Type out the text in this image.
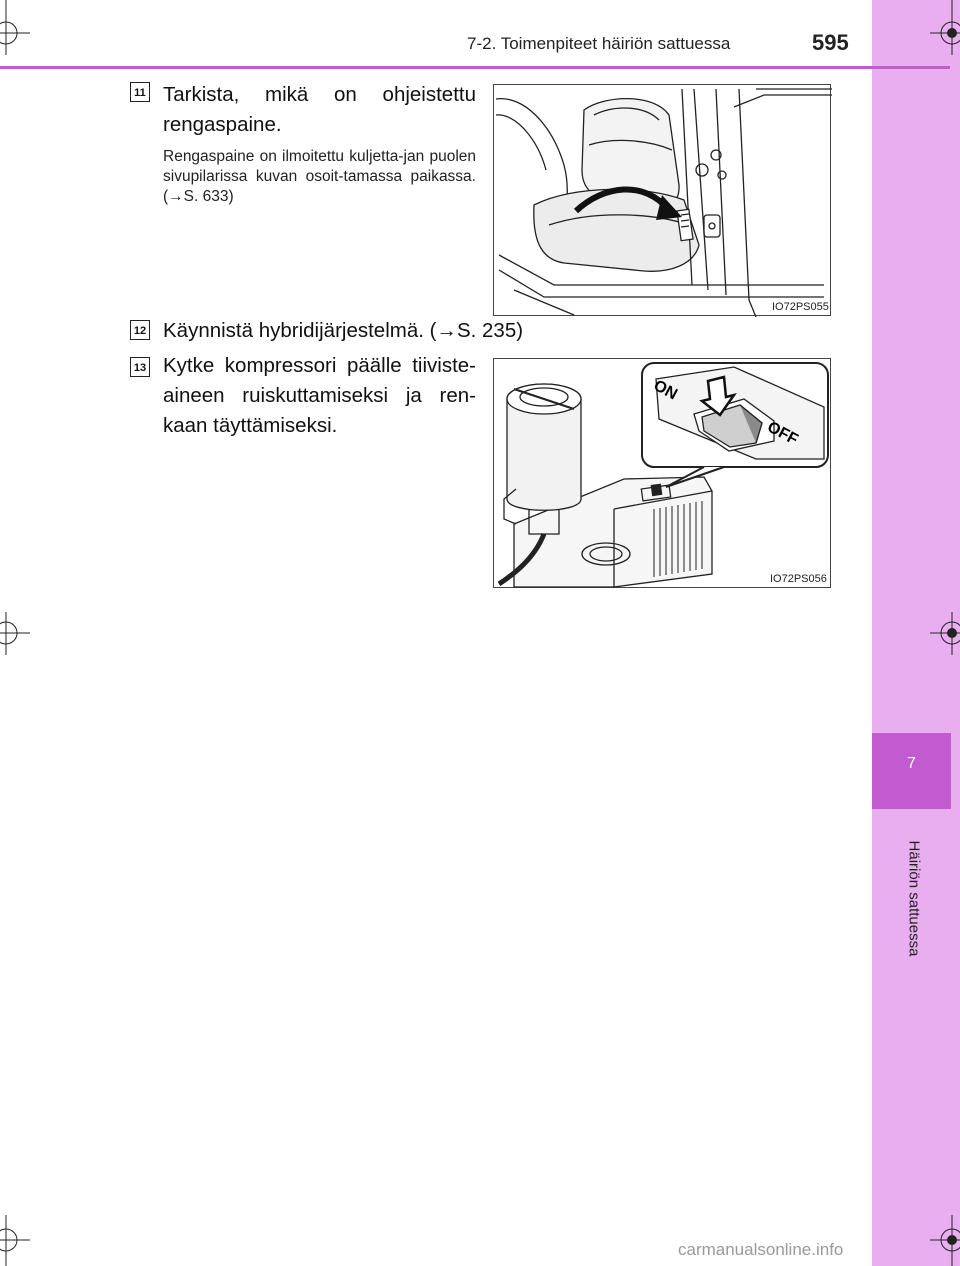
7
Häiriön sattuessa
7-2. Toimenpiteet häiriön sattuessa	595
11 Tarkista, mikä on ohjeistettu rengaspaine.
Rengaspaine on ilmoitettu kuljetta-jan puolen sivupilarissa kuvan osoit-tamassa paikassa. (→S. 633)
IO72PS055
12 Käynnistä hybridijärjestelmä. (→S. 235)
13 Kytke kompressori päälle tiiviste-aineen ruiskuttamiseksi ja ren-kaan täyttämiseksi.
ON
OFF
IO72PS056
carmanualsonline.info
